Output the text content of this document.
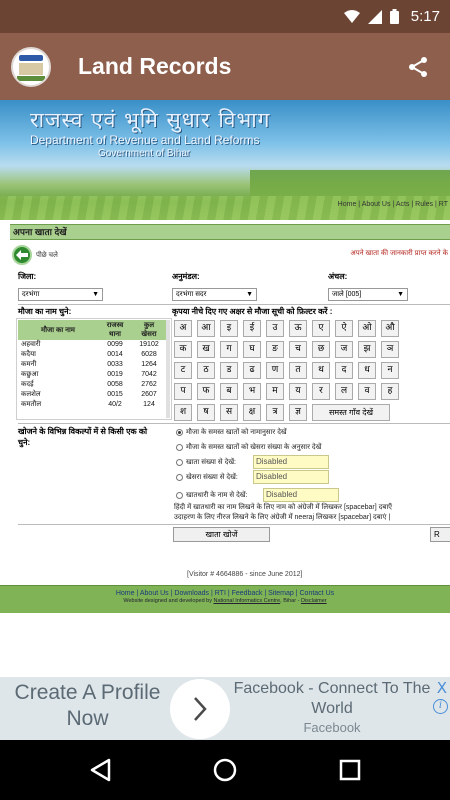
5:17
Land Records
राजस्व एवं भूमि सुधार विभाग
Department of Revenue and Land Reforms
Government of Bihar
Home | About Us | Acts | Rules | RT
अपना खाता देखें
पीछे चले	अपने खाता की जानकारी प्राप्त करने के
जिला:
दरभंगा	▼
अनुमंडल:
दरभंगा सदर	▼
अंचल:
जाले [005]	▼
मौजा का नाम चुने:	कृपया नीचे दिए गए अक्षर से मौजा सूची को फ़िल्टर करें :
मौजा का नाम	राजस्व थाना	कुल खेसरा
अहवारी	0099	19102
कदैया	0014	6028
कमनी	0033	1264
कछुआ	0019	7042
कदई	0058	2762
कलशेल	0015	2607
कमतौल	40/2	124
अ	आ	इ	ई	उ	ऊ	ए	ऐ	ओ	औ
क	ख	ग	घ	ङ	च	छ	ज	झ	ञ
ट	ठ	ड	ढ	ण	त	थ	द	ध	न
प	फ	ब	भ	म	य	र	ल	व	ह
श	ष	स	क्ष	त्र	ज्ञ	समस्त गाँव देखें
खोजने के विभिन्न विकल्पों में से किसी एक को चुने:
मौजा के समस्त खातों को नामानुसार देखें
मौजा के समस्त खातों को खेसरा संख्या के अनुसार देखें
खाता संख्या से देखें:	Disabled
खेसरा संख्या से देखें:	Disabled
खातधारी के नाम से देखें:	Disabled
हिंदी में खातधारी का नाम लिखने के लिए नाम को अंग्रेजी में लिखकर [spacebar] दबाएँ
उदाहरण के लिए नीरज लिखने के लिए अंग्रेजी में neeraj लिखकर [spacebar] दबाएं |
खाता खोजें	R
[Visitor # 4664886 - since June 2012]
Home | About Us | Downloads | RTI | Feedback | Sitemap | Contact Us
Website designed and developed by National Informatics Centre, Bihar - Disclaimer
Create A Profile Now
Facebook - Connect To The World
Facebook
X
i
